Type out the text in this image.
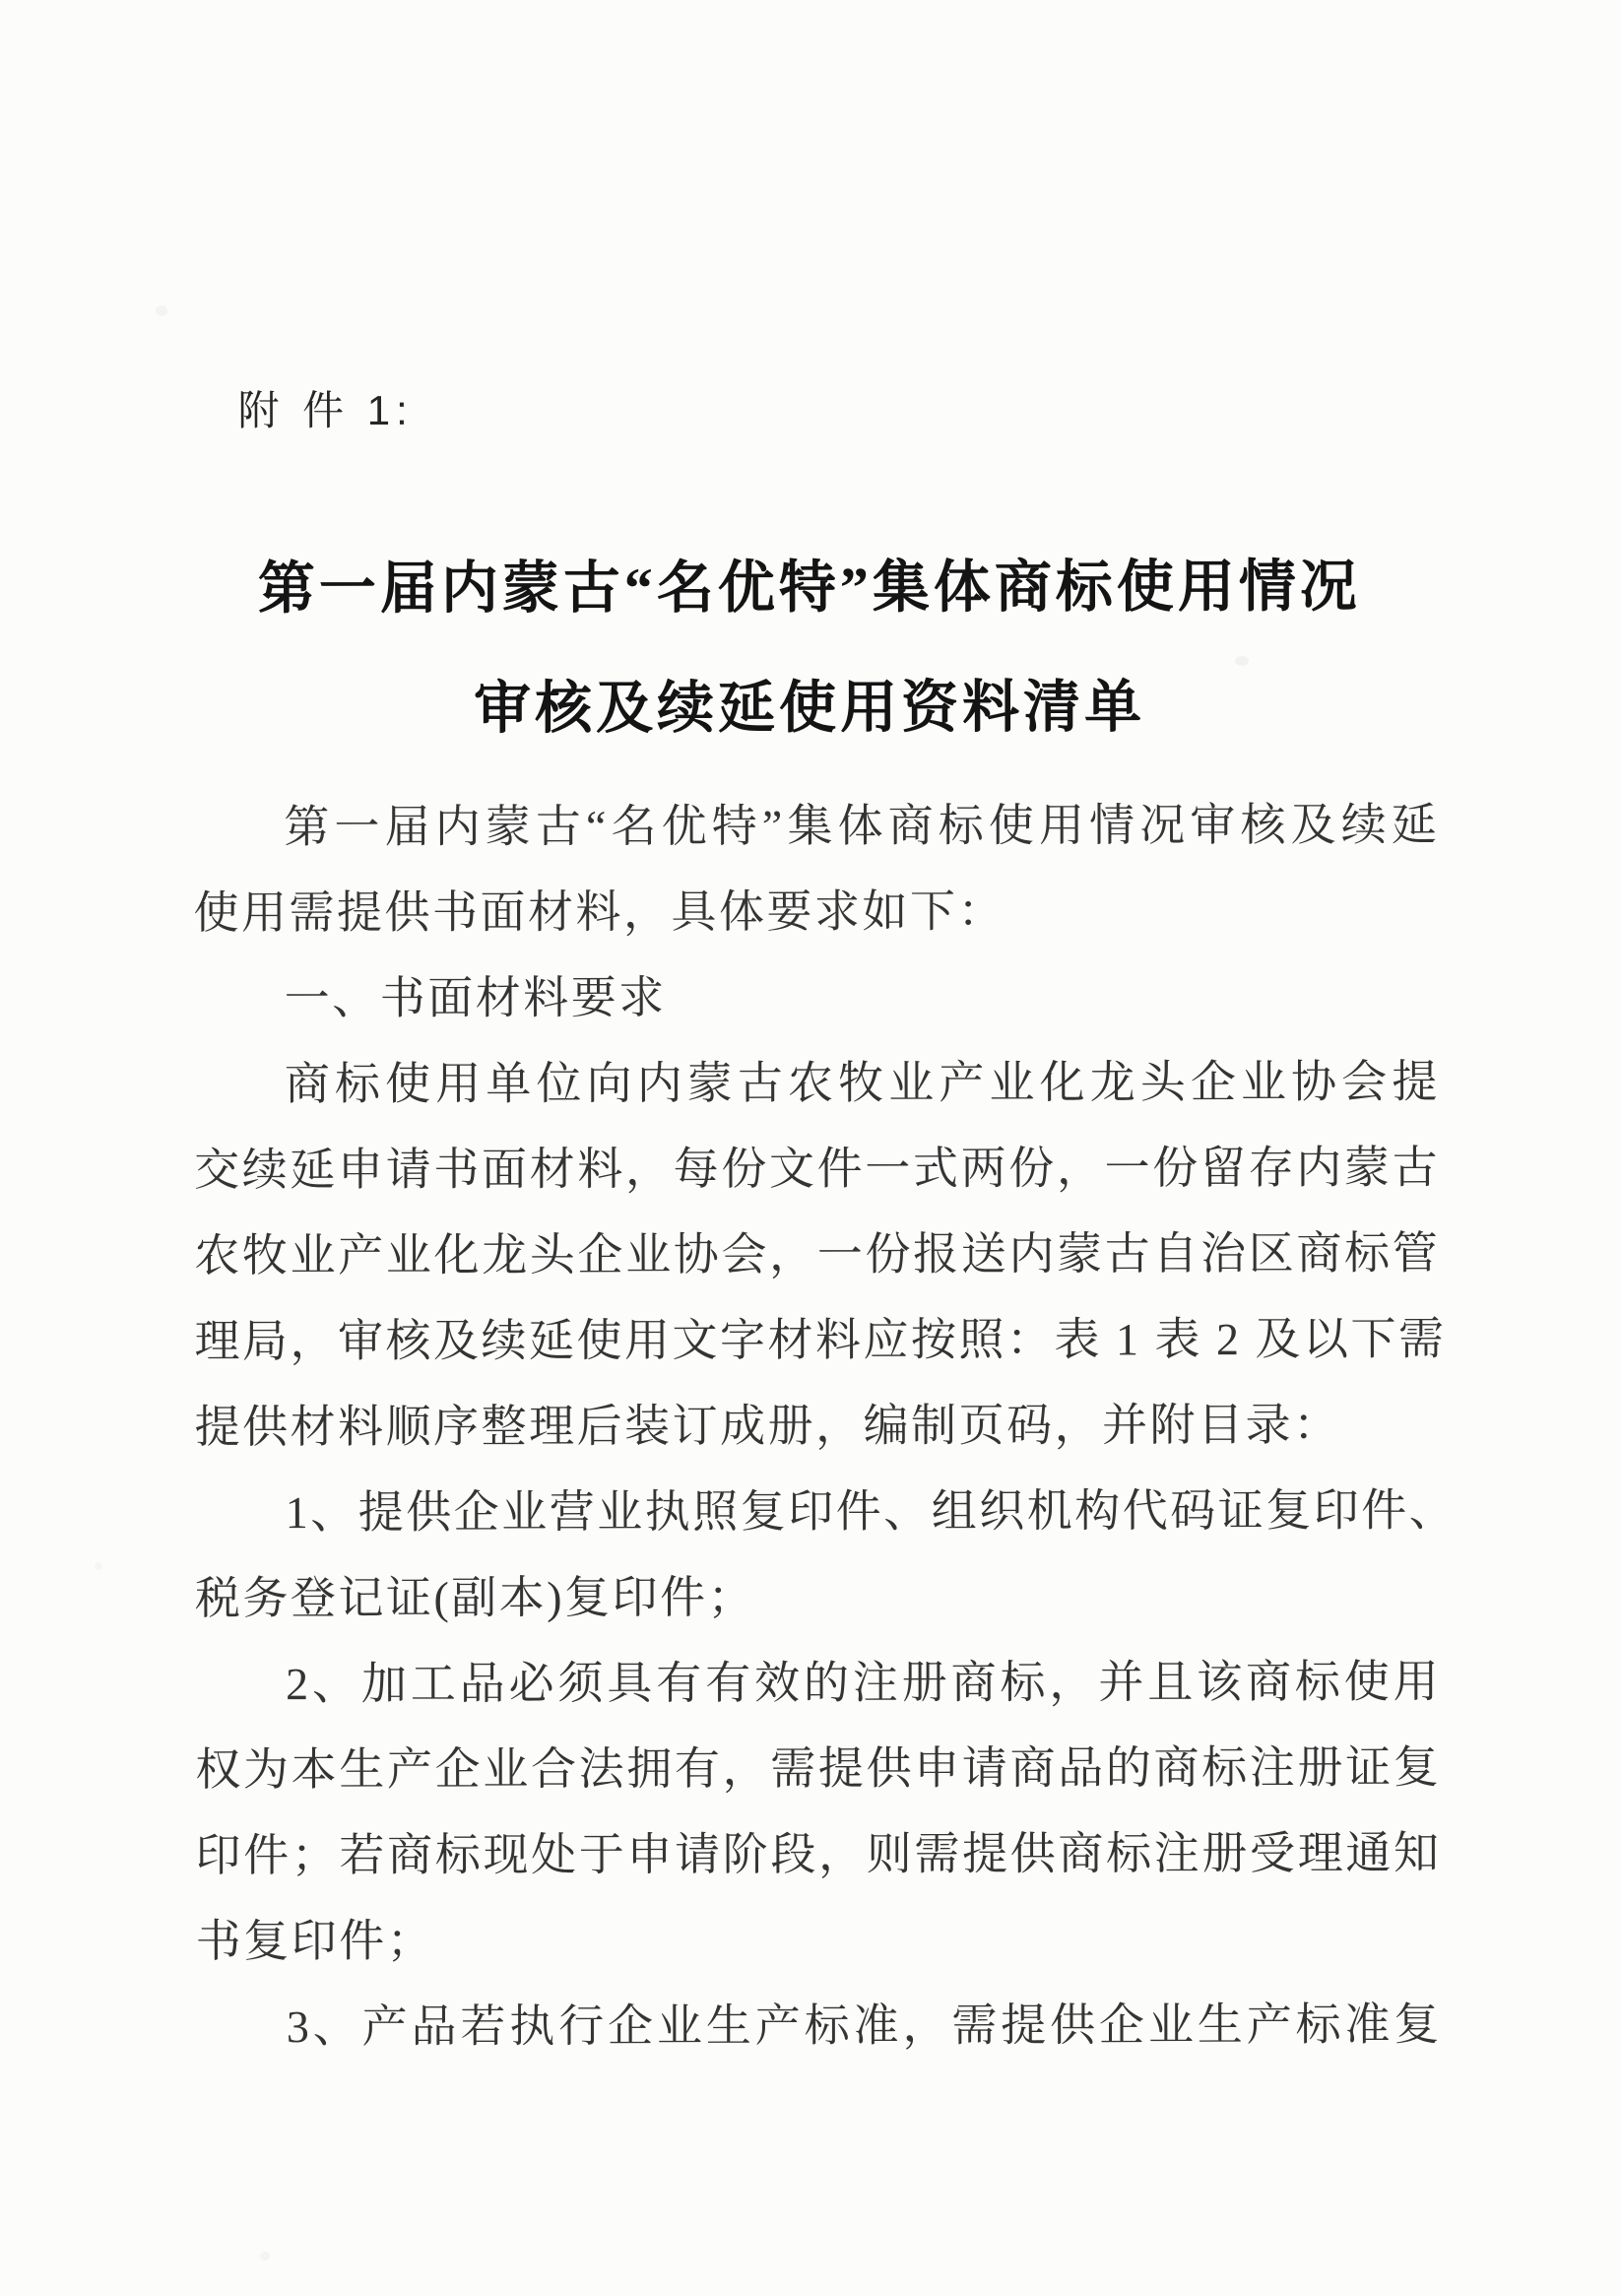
附 件 1:
第一届内蒙古“名优特”集体商标使用情况
审核及续延使用资料清单
第一届内蒙古“名优特”集体商标使用情况审核及续延
使用需提供书面材料，具体要求如下：
一、书面材料要求
商标使用单位向内蒙古农牧业产业化龙头企业协会提
交续延申请书面材料，每份文件一式两份，一份留存内蒙古
农牧业产业化龙头企业协会，一份报送内蒙古自治区商标管
理局，审核及续延使用文字材料应按照：表 1 表 2 及以下需
提供材料顺序整理后装订成册，编制页码，并附目录：
1、提供企业营业执照复印件、组织机构代码证复印件、
税务登记证(副本)复印件；
2、加工品必须具有有效的注册商标，并且该商标使用
权为本生产企业合法拥有，需提供申请商品的商标注册证复
印件；若商标现处于申请阶段，则需提供商标注册受理通知
书复印件；
3、产品若执行企业生产标准，需提供企业生产标准复
